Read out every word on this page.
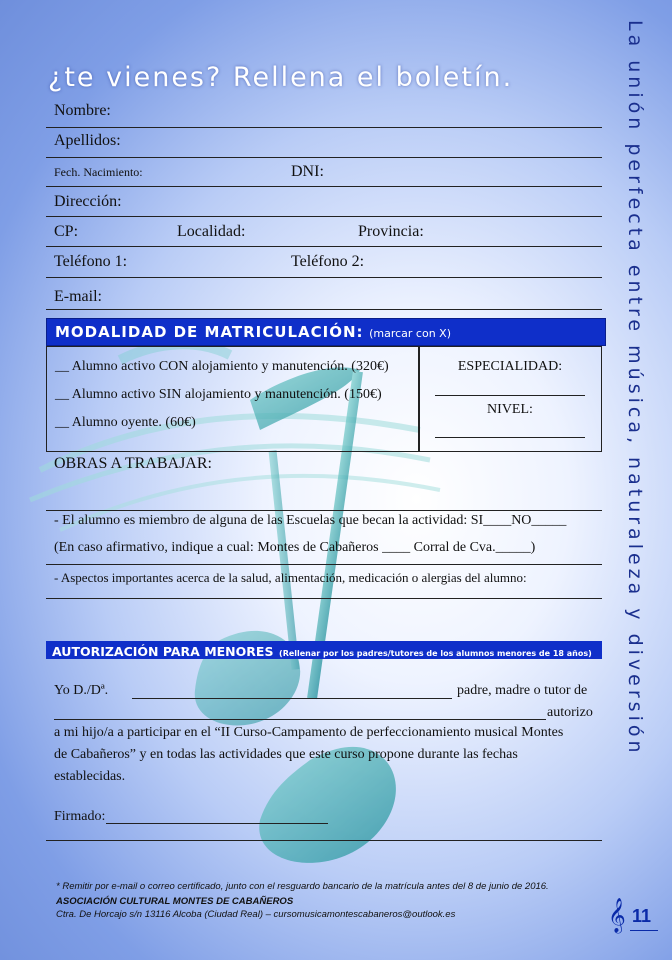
¿te vienes? Rellena el boletín.	La unión perfecta entre música, naturaleza y diversión
Nombre:
Apellidos:
Fech. Nacimiento:	DNI:
Dirección:
CP:	Localidad:	Provincia:
Teléfono 1:	Teléfono 2:
E-mail:
MODALIDAD DE MATRICULACIÓN: (marcar con X)
__ Alumno activo CON alojamiento y manutención. (320€)
__ Alumno activo SIN alojamiento y manutención. (150€)
__ Alumno oyente. (60€)
ESPECIALIDAD:
NIVEL:
OBRAS A TRABAJAR:
- El alumno es miembro de alguna de las Escuelas que becan la actividad: SI____NO_____
(En caso afirmativo, indique a cual: Montes de Cabañeros ____ Corral de Cva._____)
- Aspectos importantes acerca de la salud, alimentación, medicación o alergias del alumno:
AUTORIZACIÓN PARA MENORES (Rellenar por los padres/tutores de los alumnos menores de 18 años)
Yo D./Dª.	padre, madre o tutor de
autorizo
a mi hijo/a a participar en el “II Curso-Campamento de perfeccionamiento musical Montes
de Cabañeros” y en todas las actividades que este curso propone durante las fechas
establecidas.
Firmado:
* Remitir por e-mail o correo certificado, junto con el resguardo bancario de la matrícula antes del 8 de junio de 2016.
ASOCIACIÓN CULTURAL MONTES DE CABAÑEROS
Ctra. De Horcajo s/n 13116 Alcoba (Ciudad Real) – cursomusicamontescabaneros@outlook.es	𝄞 11
